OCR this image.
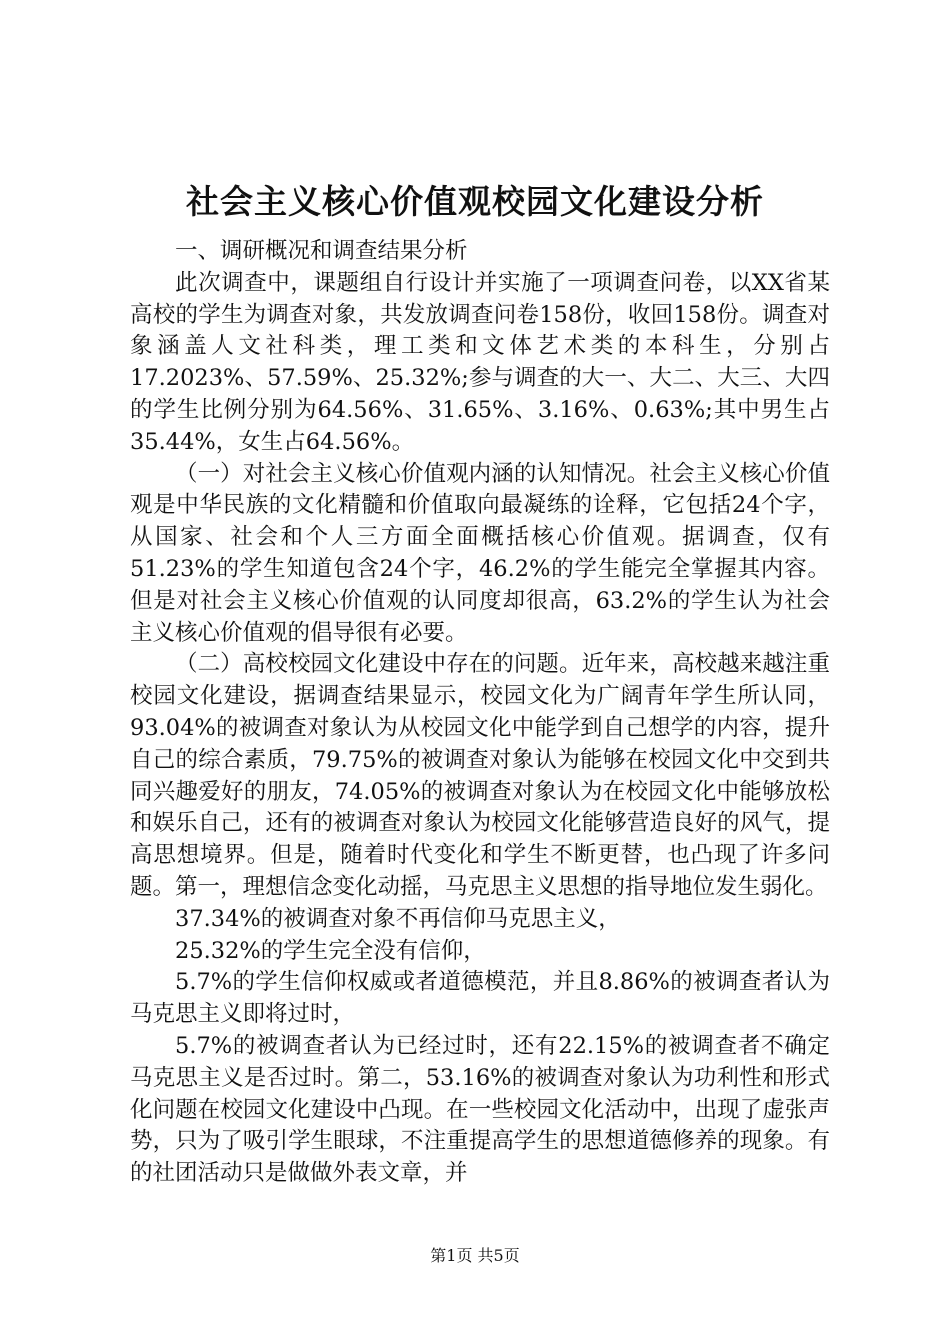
社会主义核心价值观校园文化建设分析

一、调研概况和调查结果分析

此次调查中，课题组自行设计并实施了一项调查问卷，以XX省某高校的学生为调查对象，共发放调查问卷158份，收回158份。调查对象涵盖人文社科类，理工类和文体艺术类的本科生，分别占17.2023%、57.59%、25.32%;参与调查的大一、大二、大三、大四的学生比例分别为64.56%、31.65%、3.16%、0.63%;其中男生占35.44%，女生占64.56%。

（一）对社会主义核心价值观内涵的认知情况。社会主义核心价值观是中华民族的文化精髓和价值取向最凝练的诠释，它包括24个字，从国家、社会和个人三方面全面概括核心价值观。据调查，仅有51.23%的学生知道包含24个字，46.2%的学生能完全掌握其内容。但是对社会主义核心价值观的认同度却很高，63.2%的学生认为社会主义核心价值观的倡导很有必要。

（二）高校校园文化建设中存在的问题。近年来，高校越来越注重校园文化建设，据调查结果显示，校园文化为广阔青年学生所认同，93.04%的被调查对象认为从校园文化中能学到自己想学的内容，提升自己的综合素质，79.75%的被调查对象认为能够在校园文化中交到共同兴趣爱好的朋友，74.05%的被调查对象认为在校园文化中能够放松和娱乐自己，还有的被调查对象认为校园文化能够营造良好的风气，提高思想境界。但是，随着时代变化和学生不断更替，也凸现了许多问题。第一，理想信念变化动摇，马克思主义思想的指导地位发生弱化。

37.34%的被调查对象不再信仰马克思主义，

25.32%的学生完全没有信仰，

5.7%的学生信仰权威或者道德模范，并且8.86%的被调查者认为马克思主义即将过时，

5.7%的被调查者认为已经过时，还有22.15%的被调查者不确定马克思主义是否过时。第二，53.16%的被调查对象认为功利性和形式化问题在校园文化建设中凸现。在一些校园文化活动中，出现了虚张声势，只为了吸引学生眼球，不注重提高学生的思想道德修养的现象。有的社团活动只是做做外表文章，并

第1页 共5页
